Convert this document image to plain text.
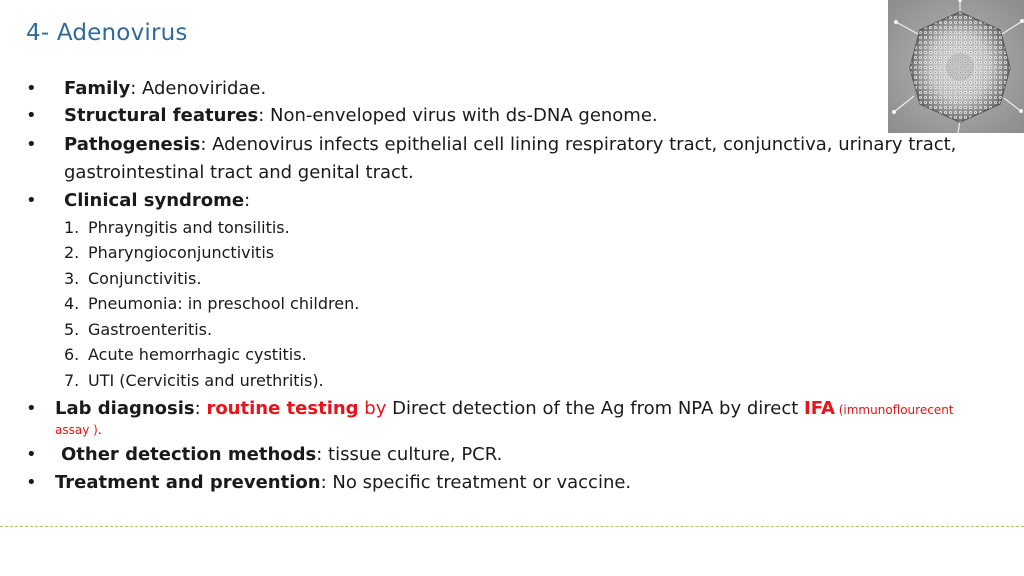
4- Adenovirus
• Family: Adenoviridae.
• Structural features: Non-enveloped virus with ds-DNA genome.
• Pathogenesis: Adenovirus infects epithelial cell lining respiratory tract, conjunctiva, urinary tract,
gastrointestinal tract and genital tract.
• Clinical syndrome:
1. Phrayngitis and tonsilitis.
2. Pharyngioconjunctivitis
3. Conjunctivitis.
4. Pneumonia: in preschool children.
5. Gastroenteritis.
6. Acute hemorrhagic cystitis.
7. UTI (Cervicitis and urethritis).
• Lab diagnosis: routine testing by Direct detection of the Ag from NPA by direct IFA (immunoflourecent
assay ).
• Other detection methods: tissue culture, PCR.
• Treatment and prevention: No specific treatment or vaccine.
